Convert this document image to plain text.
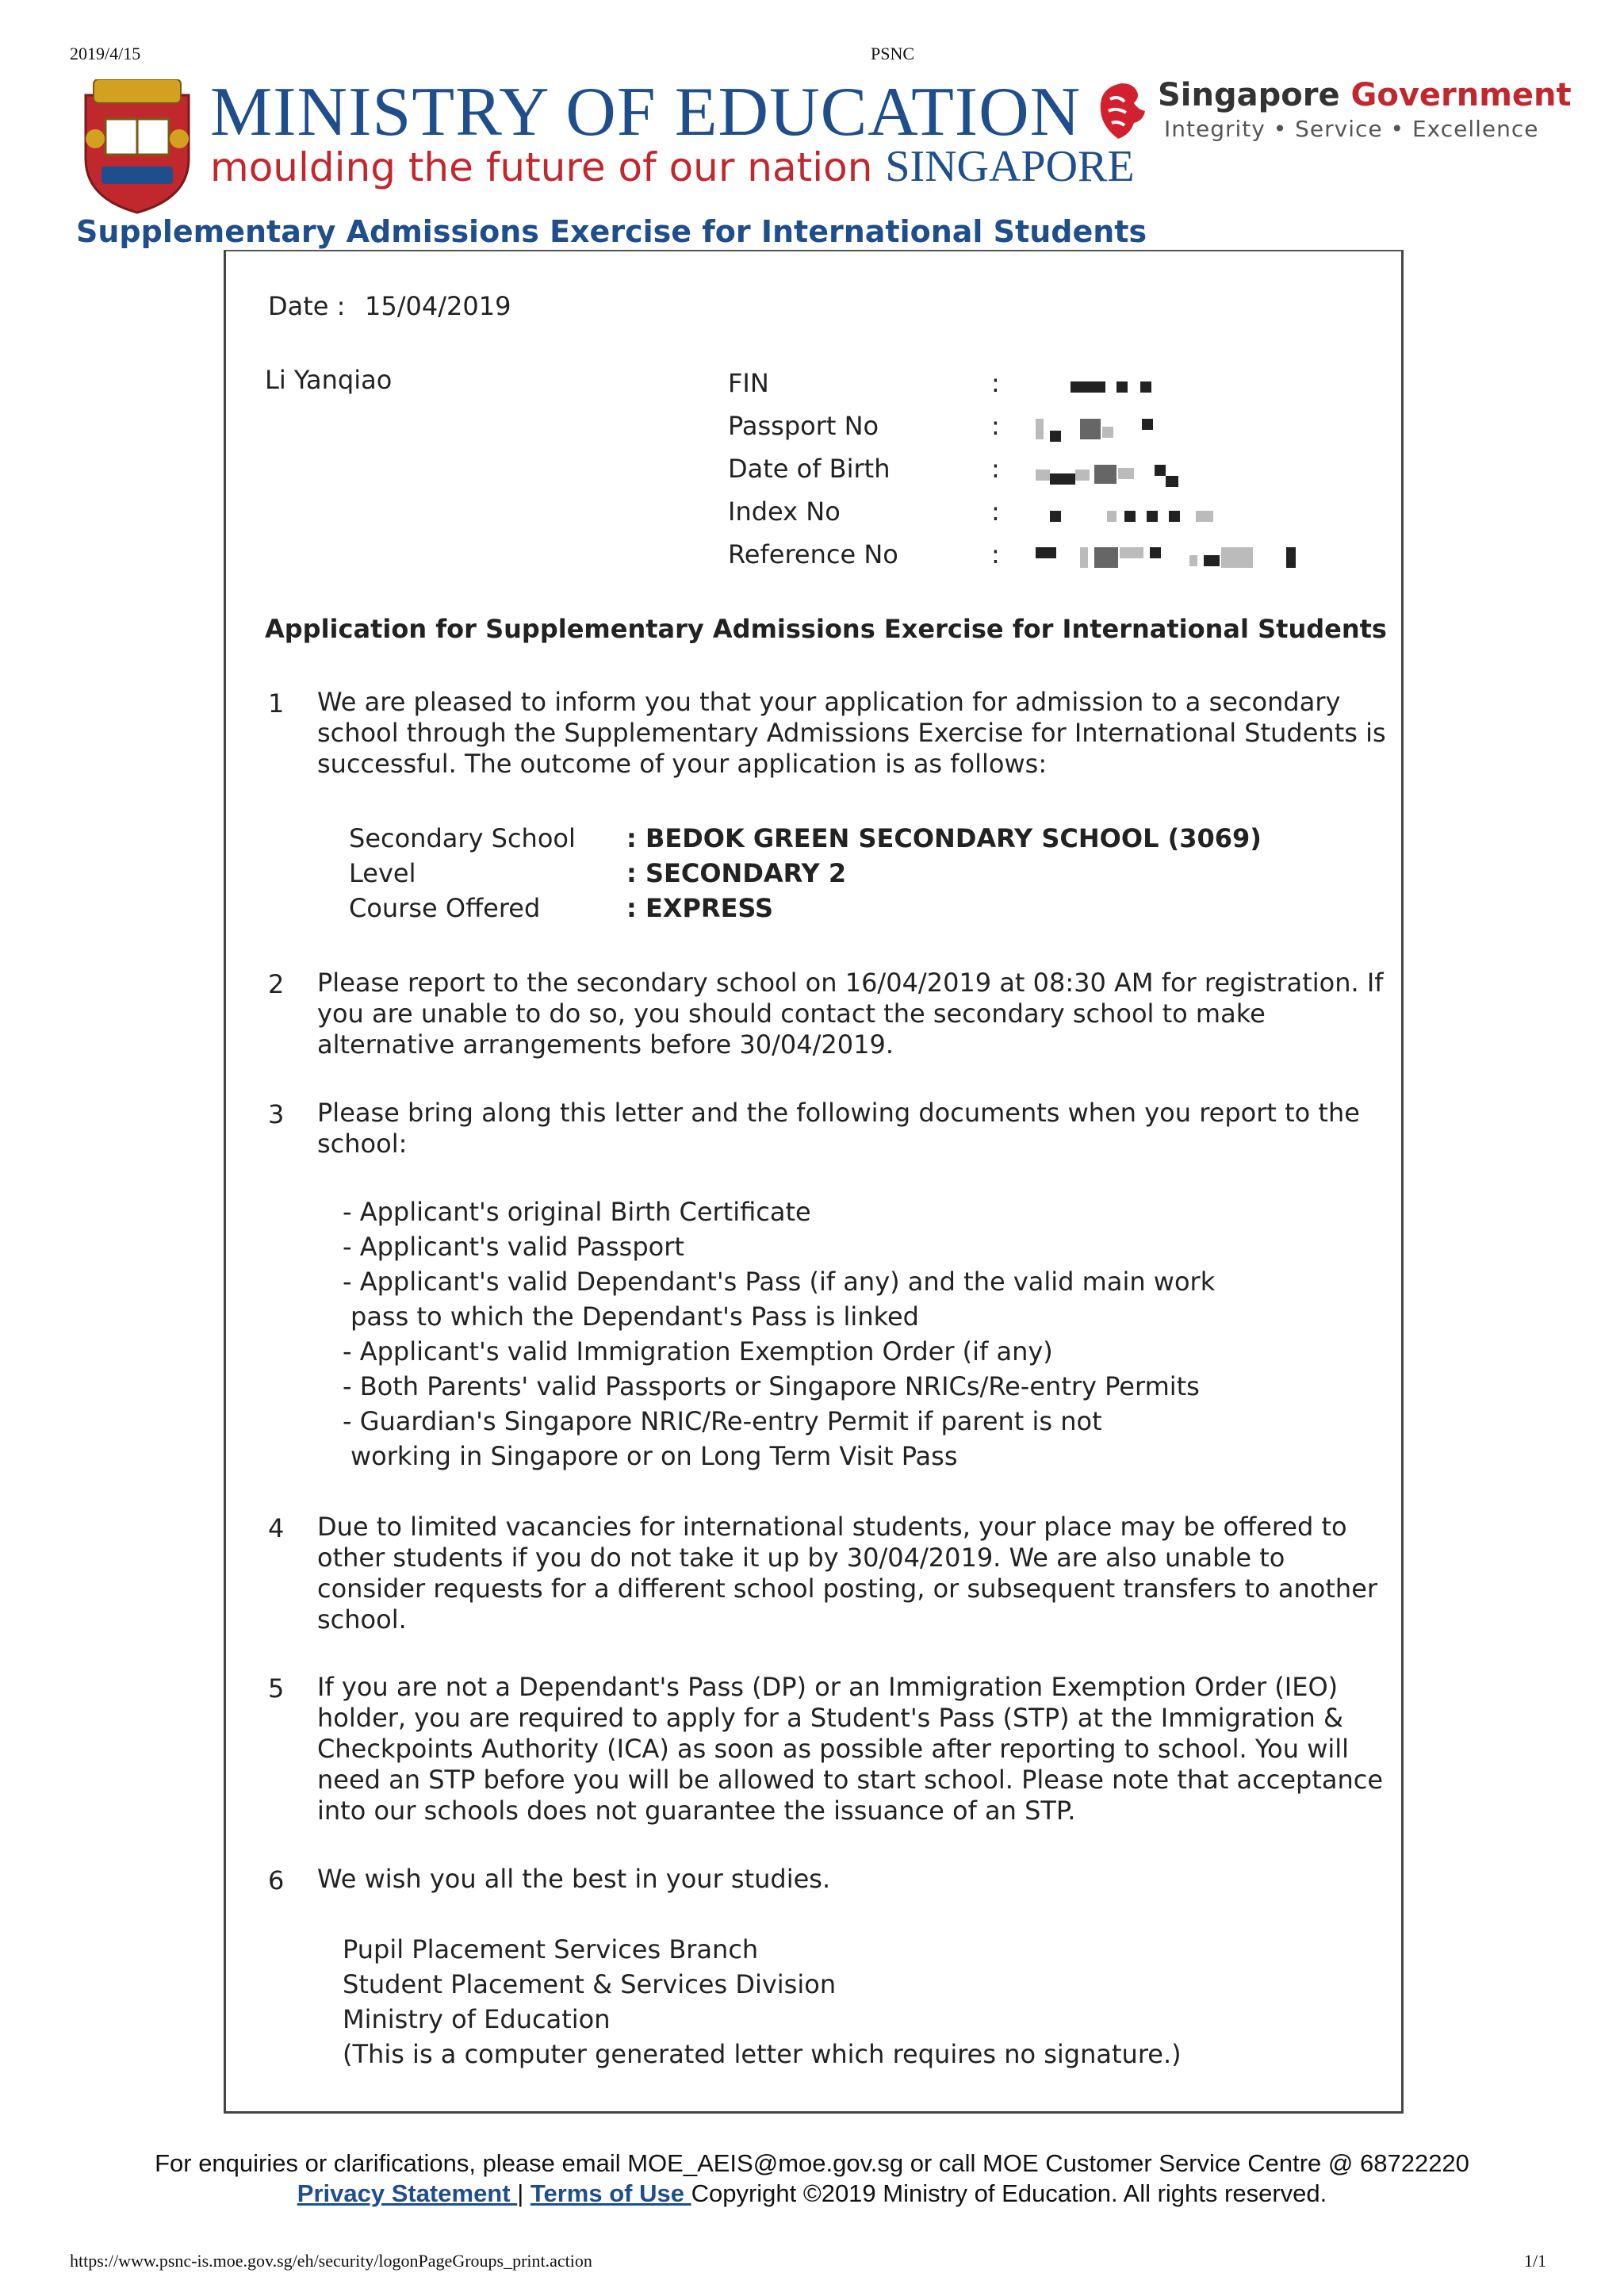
2019/4/15	PSNC
MINISTRY OF EDUCATION
moulding the future of our nation SINGAPORE
Singapore Government
Integrity • Service • Excellence
Supplementary Admissions Exercise for International Students
Date : 15/04/2019
Li Yanqiao	FIN	:
Passport No	:
Date of Birth	:
Index No	:
Reference No	:
Application for Supplementary Admissions Exercise for International Students
1 We are pleased to inform you that your application for admission to a secondary
school through the Supplementary Admissions Exercise for International Students is
successful. The outcome of your application is as follows:
Secondary School : BEDOK GREEN SECONDARY SCHOOL (3069)
Level	: SECONDARY 2
Course Offered	: EXPRESS
2 Please report to the secondary school on 16/04/2019 at 08:30 AM for registration. If
you are unable to do so, you should contact the secondary school to make
alternative arrangements before 30/04/2019.
3 Please bring along this letter and the following documents when you report to the
school:
- Applicant's original Birth Certificate
- Applicant's valid Passport
- Applicant's valid Dependant's Pass (if any) and the valid main work
pass to which the Dependant's Pass is linked
- Applicant's valid Immigration Exemption Order (if any)
- Both Parents' valid Passports or Singapore NRICs/Re-entry Permits
- Guardian's Singapore NRIC/Re-entry Permit if parent is not
working in Singapore or on Long Term Visit Pass
4 Due to limited vacancies for international students, your place may be offered to
other students if you do not take it up by 30/04/2019. We are also unable to
consider requests for a different school posting, or subsequent transfers to another
school.
5 If you are not a Dependant's Pass (DP) or an Immigration Exemption Order (IEO)
holder, you are required to apply for a Student's Pass (STP) at the Immigration &
Checkpoints Authority (ICA) as soon as possible after reporting to school. You will
need an STP before you will be allowed to start school. Please note that acceptance
into our schools does not guarantee the issuance of an STP.
6 We wish you all the best in your studies.
Pupil Placement Services Branch
Student Placement & Services Division
Ministry of Education
(This is a computer generated letter which requires no signature.)
For enquiries or clarifications, please email MOE_AEIS@moe.gov.sg or call MOE Customer Service Centre @ 68722220
Privacy Statement | Terms of Use Copyright ©2019 Ministry of Education. All rights reserved.
https://www.psnc-is.moe.gov.sg/eh/security/logonPageGroups_print.action	1/1
